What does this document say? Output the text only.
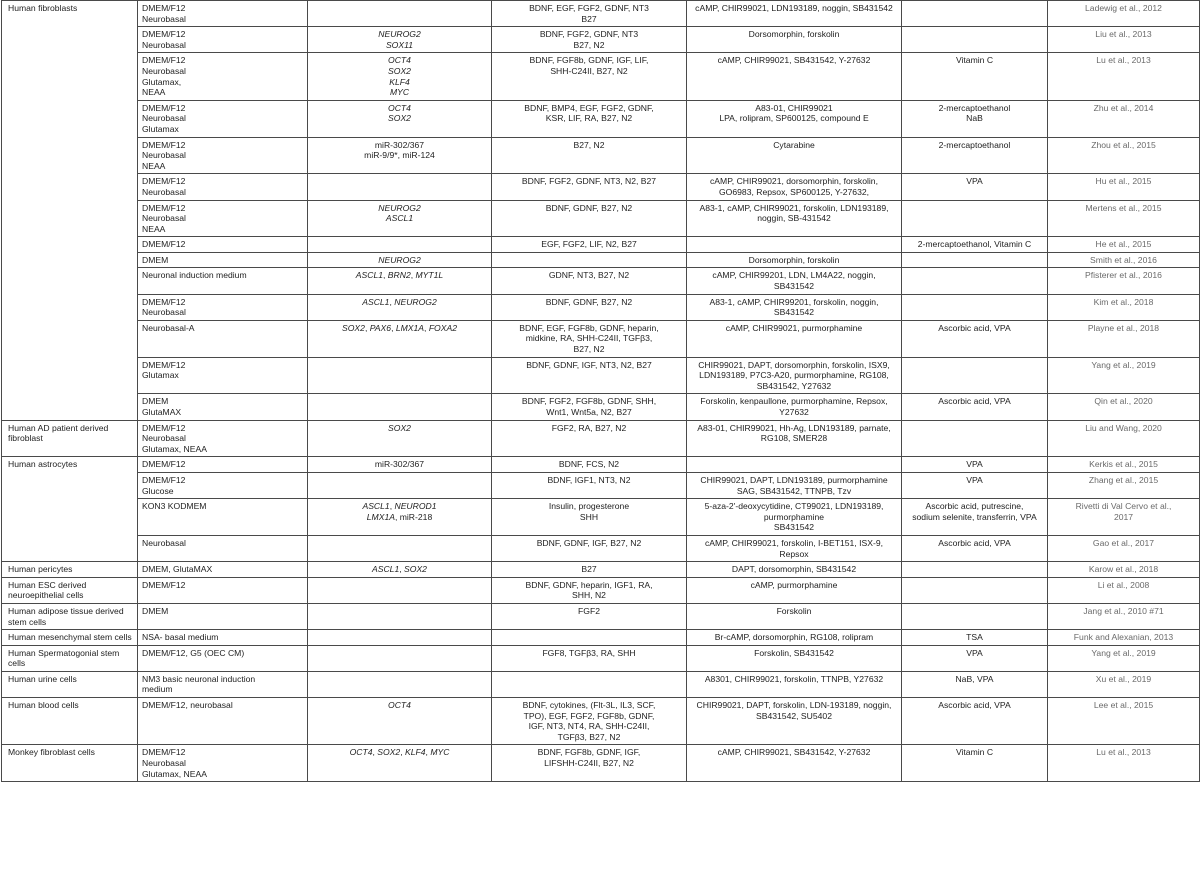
Human fibroblasts	DMEM/F12
Neurobasal		BDNF, EGF, FGF2, GDNF, NT3
B27	cAMP, CHIR99021, LDN193189, noggin, SB431542		Ladewig et al., 2012

	DMEM/F12
Neurobasal	NEUROG2
SOX11	BDNF, FGF2, GDNF, NT3
B27, N2	Dorsomorphin, forskolin		Liu et al., 2013

	DMEM/F12
Neurobasal
Glutamax,
NEAA	OCT4
SOX2
KLF4
MYC	BDNF, FGF8b, GDNF, IGF, LIF,
SHH-C24II, B27, N2	cAMP, CHIR99021, SB431542, Y-27632	Vitamin C	Lu et al., 2013

	DMEM/F12
Neurobasal
Glutamax	OCT4
SOX2	BDNF, BMP4, EGF, FGF2, GDNF,
KSR, LIF, RA, B27, N2	A83-01, CHIR99021
LPA, rolipram, SP600125, compound E	2-mercaptoethanol
NaB	Zhu et al., 2014

	DMEM/F12
Neurobasal
NEAA	miR-302/367
miR-9/9*, miR-124	B27, N2	Cytarabine	2-mercaptoethanol	Zhou et al., 2015

	DMEM/F12
Neurobasal		BDNF, FGF2, GDNF, NT3, N2, B27	cAMP, CHIR99021, dorsomorphin, forskolin,
GO6983, Repsox, SP600125, Y-27632,	VPA	Hu et al., 2015

	DMEM/F12
Neurobasal
NEAA	NEUROG2
ASCL1	BDNF, GDNF, B27, N2	A83-1, cAMP, CHIR99021, forskolin, LDN193189,
noggin, SB-431542		Mertens et al., 2015

	DMEM/F12		EGF, FGF2, LIF, N2, B27		2-mercaptoethanol, Vitamin C	He et al., 2015

	DMEM	NEUROG2		Dorsomorphin, forskolin		Smith et al., 2016

	Neuronal induction medium	ASCL1, BRN2, MYT1L	GDNF, NT3, B27, N2	cAMP, CHIR99201, LDN, LM4A22, noggin,
SB431542		Pfisterer et al., 2016

	DMEM/F12
Neurobasal	ASCL1, NEUROG2	BDNF, GDNF, B27, N2	A83-1, cAMP, CHIR99201, forskolin, noggin,
SB431542		Kim et al., 2018

	Neurobasal-A	SOX2, PAX6, LMX1A, FOXA2	BDNF, EGF, FGF8b, GDNF, heparin,
midkine, RA, SHH-C24II, TGFβ3,
B27, N2	cAMP, CHIR99021, purmorphamine	Ascorbic acid, VPA	Playne et al., 2018

	DMEM/F12
Glutamax		BDNF, GDNF, IGF, NT3, N2, B27	CHIR99021, DAPT, dorsomorphin, forskolin, ISX9,
LDN193189, P7C3-A20, purmorphamine, RG108,
SB431542, Y27632		Yang et al., 2019

	DMEM
GlutaMAX		BDNF, FGF2, FGF8b, GDNF, SHH,
Wnt1, Wnt5a, N2, B27	Forskolin, kenpaullone, purmorphamine, Repsox,
Y27632	Ascorbic acid, VPA	Qin et al., 2020

Human AD patient derived fibroblast	DMEM/F12
Neurobasal
Glutamax, NEAA	SOX2	FGF2, RA, B27, N2	A83-01, CHIR99021, Hh-Ag, LDN193189, parnate,
RG108, SMER28		Liu and Wang, 2020

Human astrocytes	DMEM/F12	miR-302/367	BDNF, FCS, N2		VPA	Kerkis et al., 2015

	DMEM/F12
Glucose		BDNF, IGF1, NT3, N2	CHIR99021, DAPT, LDN193189, purmorphamine
SAG, SB431542, TTNPB, Tzv	VPA	Zhang et al., 2015

	KON3 KODMEM	ASCL1, NEUROD1
LMX1A, miR-218	Insulin, progesterone
SHH	5-aza-2'-deoxycytidine, CT99021, LDN193189,
purmorphamine
SB431542	Ascorbic acid, putrescine,
sodium selenite, transferrin, VPA	Rivetti di Val Cervo et al.,
2017

	Neurobasal		BDNF, GDNF, IGF, B27, N2	cAMP, CHIR99021, forskolin, I-BET151, ISX-9,
Repsox	Ascorbic acid, VPA	Gao et al., 2017

Human pericytes	DMEM, GlutaMAX	ASCL1, SOX2	B27	DAPT, dorsomorphin, SB431542		Karow et al., 2018

Human ESC derived neuroepithelial cells	DMEM/F12		BDNF, GDNF, heparin, IGF1, RA,
SHH, N2	cAMP, purmorphamine		Li et al., 2008

Human adipose tissue derived stem cells	DMEM		FGF2	Forskolin		Jang et al., 2010 #71

Human mesenchymal stem cells	NSA- basal medium			Br-cAMP, dorsomorphin, RG108, rolipram	TSA	Funk and Alexanian, 2013

Human Spermatogonial stem cells	DMEM/F12, G5 (OEC CM)		FGF8, TGFβ3, RA, SHH	Forskolin, SB431542	VPA	Yang et al., 2019

Human urine cells	NM3 basic neuronal induction
medium			A8301, CHIR99021, forskolin, TTNPB, Y27632	NaB, VPA	Xu et al., 2019

Human blood cells	DMEM/F12, neurobasal	OCT4	BDNF, cytokines, (Flt-3L, IL3, SCF,
TPO), EGF, FGF2, FGF8b, GDNF,
IGF, NT3, NT4, RA, SHH-C24II,
TGFβ3, B27, N2	CHIR99021, DAPT, forskolin, LDN-193189, noggin,
SB431542, SU5402	Ascorbic acid, VPA	Lee et al., 2015

Monkey fibroblast cells	DMEM/F12
Neurobasal
Glutamax, NEAA	OCT4, SOX2, KLF4, MYC	BDNF, FGF8b, GDNF, IGF,
LIFSHH-C24II, B27, N2	cAMP, CHIR99021, SB431542, Y-27632	Vitamin C	Lu et al., 2013
